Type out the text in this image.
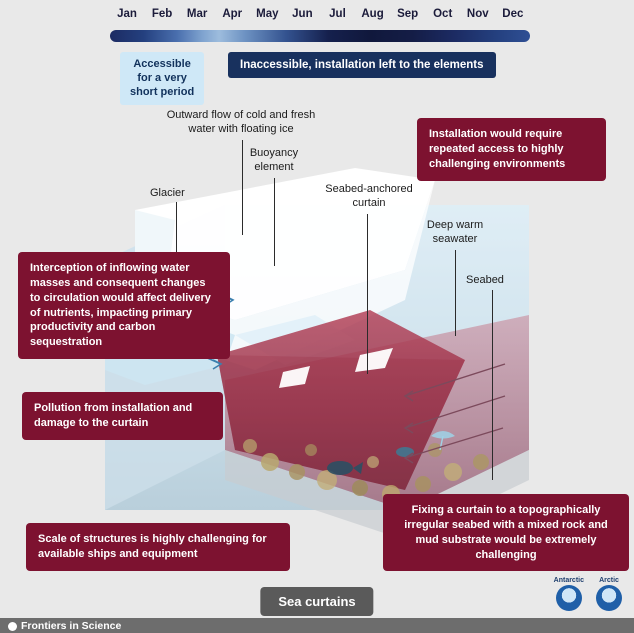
Jan	Feb	Mar	Apr	May	Jun	Jul	Aug	Sep	Oct	Nov	Dec
Accessible
for a very
short period
Inaccessible, installation left to the elements
Outward flow of cold and fresh water with floating ice
Buoyancy element
Seabed-anchored curtain
Deep warm seawater
Glacier
Seabed
Installation would require repeated access to highly challenging environments
Interception of inflowing water masses and consequent changes to circulation would affect delivery of nutrients, impacting primary productivity and carbon sequestration
Pollution from installation and damage to the curtain
Scale of structures is highly challenging for available ships and equipment
Fixing a curtain to a topographically irregular seabed with a mixed rock and mud substrate would be extremely challenging
Sea curtains
Antarctic	Arctic
Frontiers in Science
